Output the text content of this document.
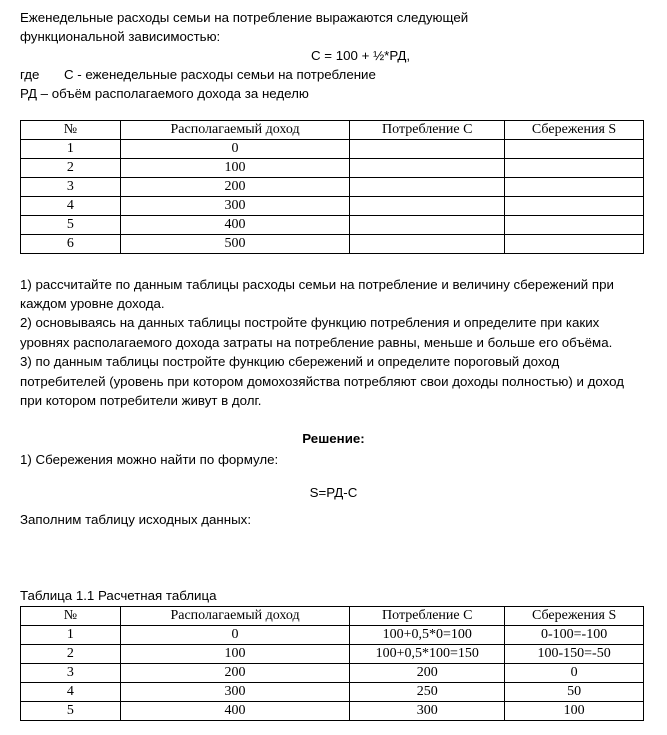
Еженедельные расходы семьи на потребление выражаются следующей
функциональной зависимостью:
С = 100 + ½*РД,
где С - еженедельные расходы семьи на потребление
РД – объём располагаемого дохода за неделю
№	Располагаемый доход	Потребление С	Сбережения S
1	0		
2	100		
3	200		
4	300		
5	400		
6	500		
1) рассчитайте по данным таблицы расходы семьи на потребление и величину сбережений при
каждом уровне дохода.
2) основываясь на данных таблицы постройте функцию потребления и определите при каких
уровнях располагаемого дохода затраты на потребление равны, меньше и больше его объёма.
3) по данным таблицы постройте функцию сбережений и определите пороговый доход
потребителей (уровень при котором домохозяйства потребляют свои доходы полностью) и доход
при котором потребители живут в долг.
Решение:
1) Сбережения можно найти по формуле:
S=РД-С
Заполним таблицу исходных данных:
Таблица 1.1 Расчетная таблица
№	Располагаемый доход	Потребление С	Сбережения S
1	0	100+0,5*0=100	0-100=-100
2	100	100+0,5*100=150	100-150=-50
3	200	200	0
4	300	250	50
5	400	300	100
